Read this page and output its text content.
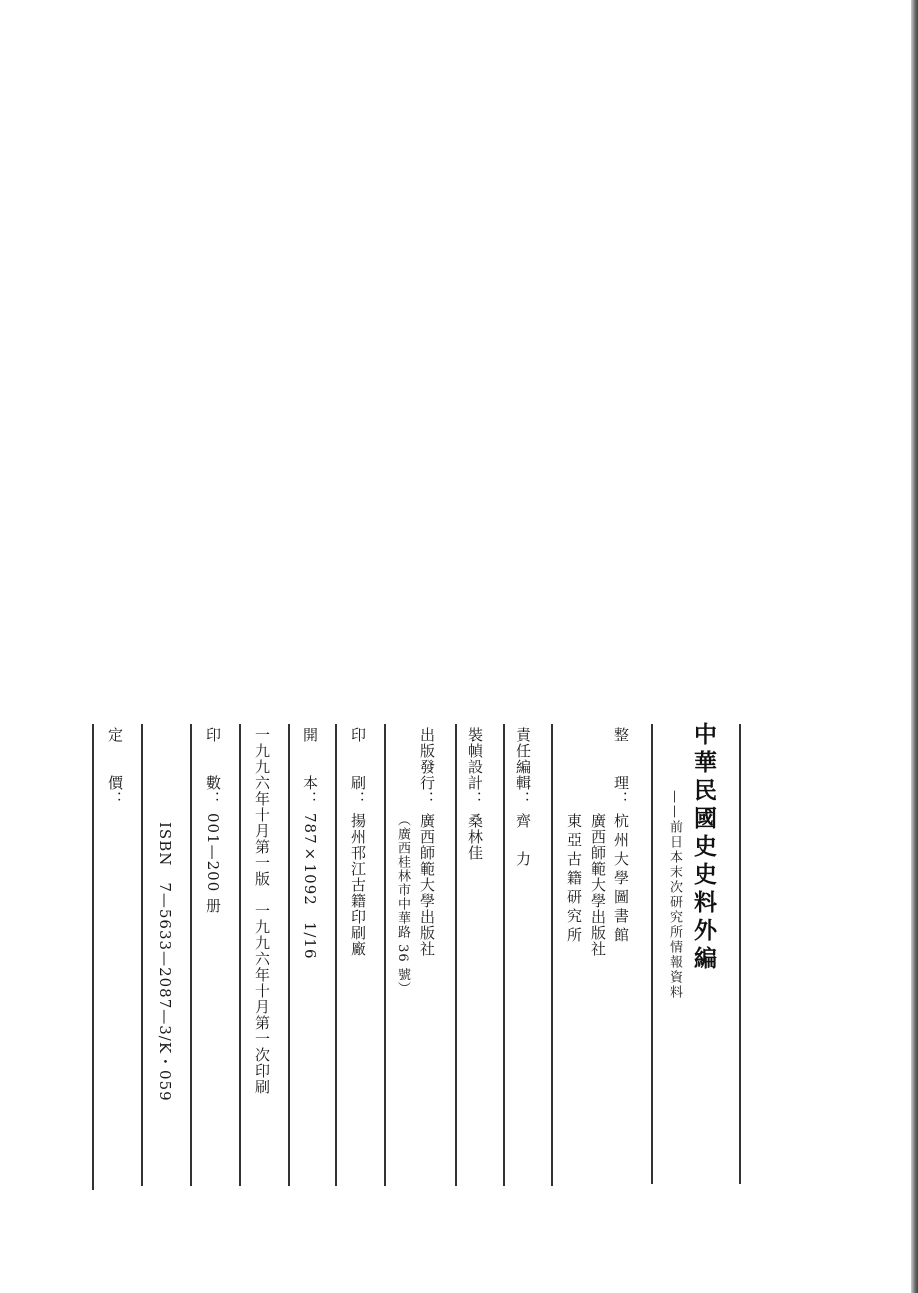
中華民國史史料外編
——前日本末次研究所情報資料
整　　理：
杭州大學圖書館
廣西師範大學出版社
東亞古籍研究所
責任編輯：
齊　力
裝幀設計：
桑林佳
出版發行：
廣西師範大學出版社
（廣西桂林市中華路 36 號）
印　　刷：
揚州邗江古籍印刷廠
開　　本：
787×1092　1/16
一九九六年十月第一版　一九九六年十月第一次印刷
印　　數：
001—200 册
ISBN　7—5633—2087—3/K・059
定　　價：
